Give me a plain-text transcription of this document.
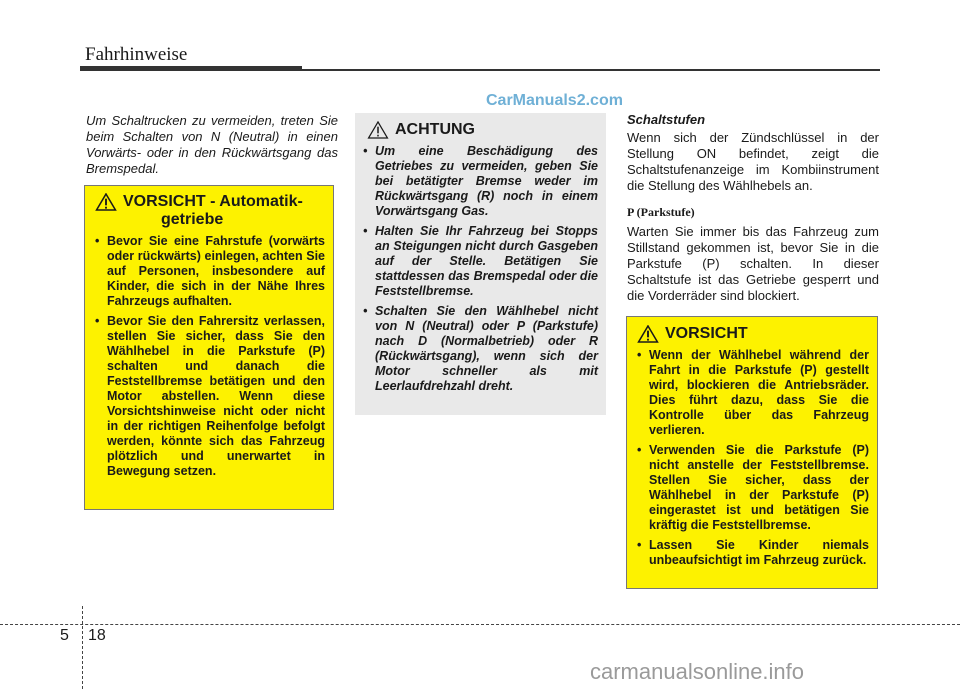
Fahrhinweise
CarManuals2.com
Um Schaltrucken zu vermeiden, treten Sie beim Schalten von N (Neutral) in einen Vorwärts- oder in den Rückwärtsgang das Bremspedal.
VORSICHT - Automatik-
getriebe
• Bevor Sie eine Fahrstufe (vorwärts oder rückwärts) einlegen, achten Sie auf Personen, insbesondere auf Kinder, die sich in der Nähe Ihres Fahrzeugs aufhalten.
• Bevor Sie den Fahrersitz verlassen, stellen Sie sicher, dass Sie den Wählhebel in die Parkstufe (P) schalten und danach die Feststellbremse betätigen und den Motor abstellen. Wenn diese Vorsichtshinweise nicht oder nicht in der richtigen Reihenfolge befolgt werden, könnte sich das Fahrzeug plötzlich und unerwartet in Bewegung setzen.
ACHTUNG
• Um eine Beschädigung des Getriebes zu vermeiden, geben Sie bei betätigter Bremse weder im Rückwärtsgang (R) noch in einem Vorwärtsgang Gas.
• Halten Sie Ihr Fahrzeug bei Stopps an Steigungen nicht durch Gasgeben auf der Stelle. Betätigen Sie stattdessen das Bremspedal oder die Feststellbremse.
• Schalten Sie den Wählhebel nicht von N (Neutral) oder P (Parkstufe) nach D (Normalbetrieb) oder R (Rückwärtsgang), wenn sich der Motor schneller als mit Leerlaufdrehzahl dreht.

Schaltstufen

Wenn sich der Zündschlüssel in der Stellung ON befindet, zeigt die Schaltstufenanzeige im Kombiinstrument die Stellung des Wählhebels an.

P (Parkstufe)

Warten Sie immer bis das Fahrzeug zum Stillstand gekommen ist, bevor Sie in die Parkstufe (P) schalten. In dieser Schaltstufe ist das Getriebe gesperrt und die Vorderräder sind blockiert.

VORSICHT
• Wenn der Wählhebel während der Fahrt in die Parkstufe (P) gestellt wird, blockieren die Antriebsräder. Dies führt dazu, dass Sie die Kontrolle über das Fahrzeug verlieren.
• Verwenden Sie die Parkstufe (P) nicht anstelle der Feststellbremse. Stellen Sie sicher, dass der Wählhebel in der Parkstufe (P) eingerastet ist und betätigen Sie kräftig die Feststellbremse.
• Lassen Sie Kinder niemals unbeaufsichtigt im Fahrzeug zurück.
5 18
carmanualsonline.info
